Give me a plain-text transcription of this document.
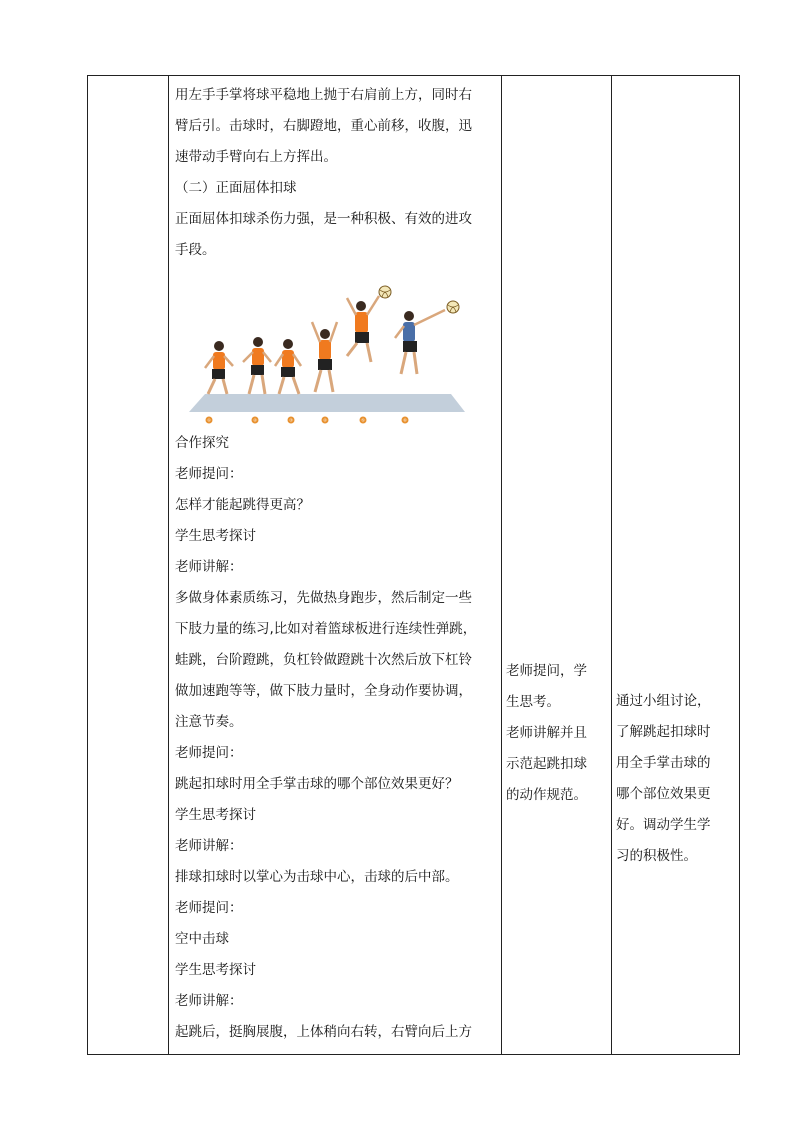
用左手手掌将球平稳地上抛于右肩前上方，同时右
臂后引。击球时，右脚蹬地，重心前移，收腹，迅
速带动手臂向右上方挥出。
（二）正面屈体扣球
正面屈体扣球杀伤力强，是一种积极、有效的进攻
手段。
①	②	③	④	⑤	⑥
合作探究
老师提问：
怎样才能起跳得更高？
学生思考探讨
老师讲解：
多做身体素质练习，先做热身跑步，然后制定一些
下肢力量的练习,比如对着篮球板进行连续性弹跳，
蛙跳，台阶蹬跳，负杠铃做蹬跳十次然后放下杠铃
做加速跑等等，做下肢力量时，全身动作要协调，
注意节奏。
老师提问：
跳起扣球时用全手掌击球的哪个部位效果更好？
学生思考探讨
老师讲解：
排球扣球时以掌心为击球中心，击球的后中部。
老师提问：
空中击球
学生思考探讨
老师讲解：
起跳后，挺胸展腹，上体稍向右转，右臂向后上方

老师提问，学
生思考。
老师讲解并且
示范起跳扣球
的动作规范。

通过小组讨论，
了解跳起扣球时
用全手掌击球的
哪个部位效果更
好。调动学生学
习的积极性。
